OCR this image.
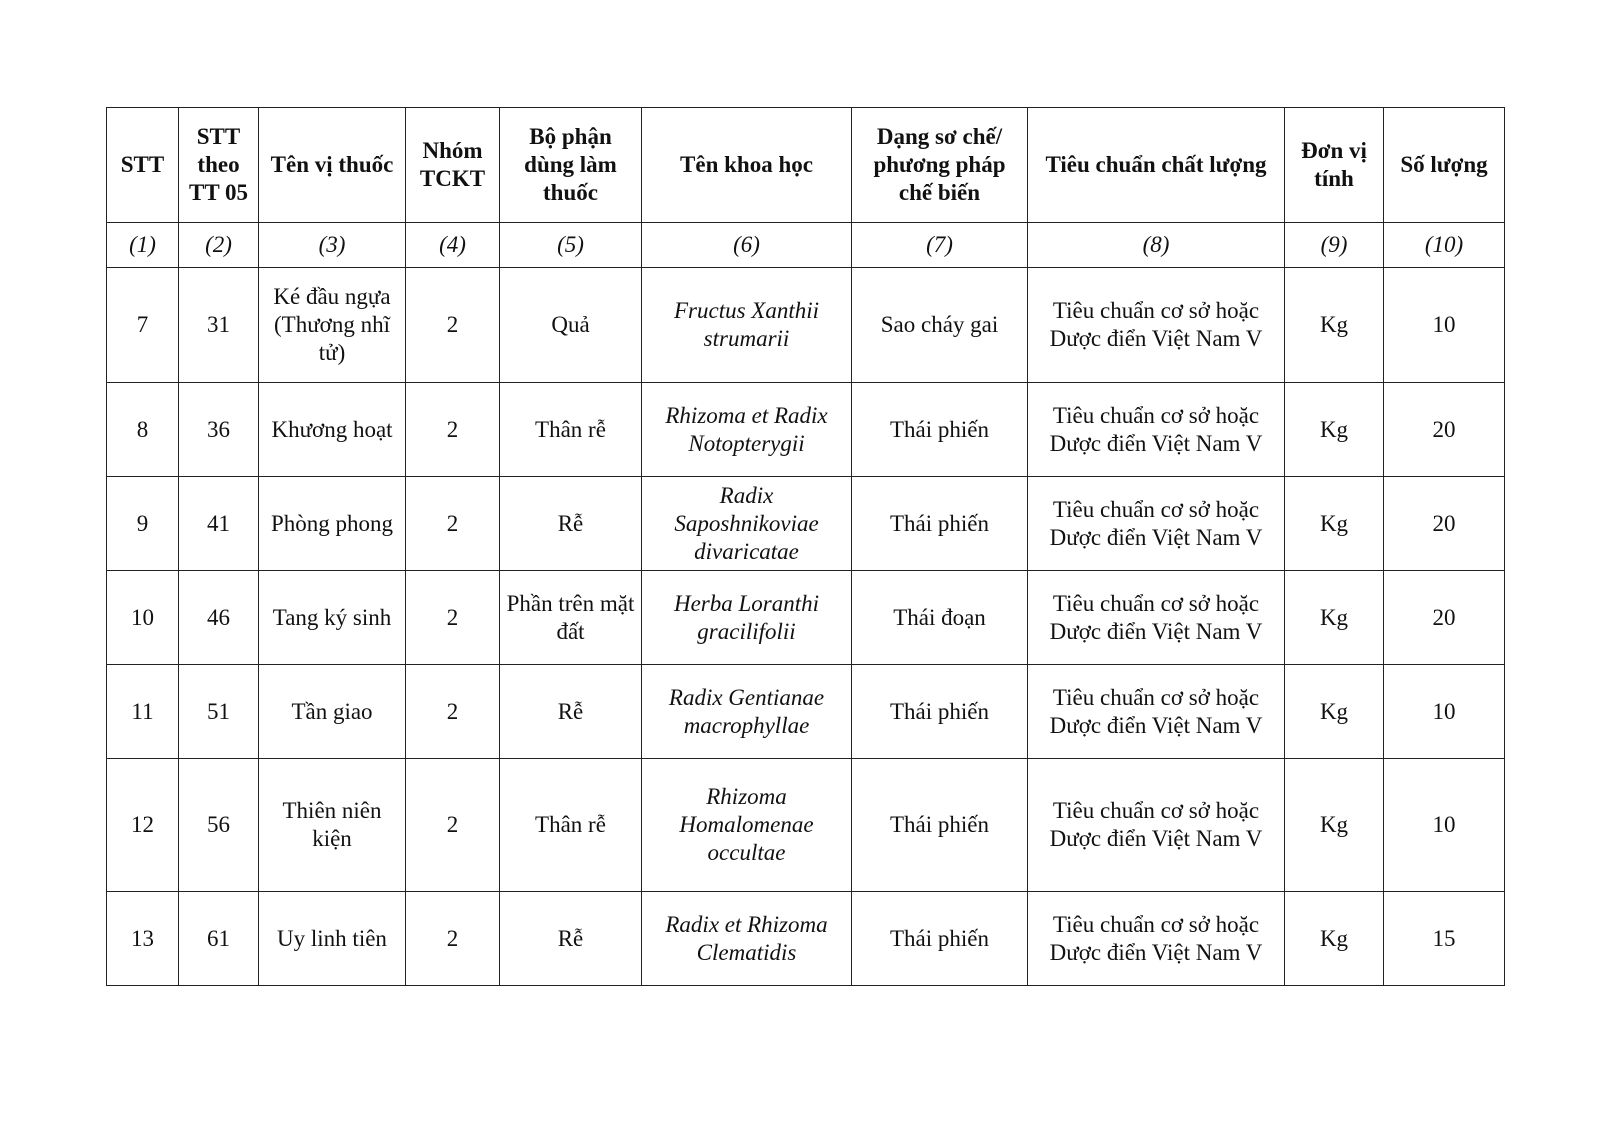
STT	STT theo TT 05	Tên vị thuốc	Nhóm TCKT	Bộ phận dùng làm thuốc	Tên khoa học	Dạng sơ chế/ phương pháp chế biến	Tiêu chuẩn chất lượng	Đơn vị tính	Số lượng
(1)	(2)	(3)	(4)	(5)	(6)	(7)	(8)	(9)	(10)
7	31	Ké đầu ngựa (Thương nhĩ tử)	2	Quả	Fructus Xanthii strumarii	Sao cháy gai	Tiêu chuẩn cơ sở hoặc Dược điển Việt Nam V	Kg	10
8	36	Khương hoạt	2	Thân rễ	Rhizoma et Radix Notopterygii	Thái phiến	Tiêu chuẩn cơ sở hoặc Dược điển Việt Nam V	Kg	20
9	41	Phòng phong	2	Rễ	Radix Saposhnikoviae divaricatae	Thái phiến	Tiêu chuẩn cơ sở hoặc Dược điển Việt Nam V	Kg	20
10	46	Tang ký sinh	2	Phần trên mặt đất	Herba Loranthi gracilifolii	Thái đoạn	Tiêu chuẩn cơ sở hoặc Dược điển Việt Nam V	Kg	20
11	51	Tần giao	2	Rễ	Radix Gentianae macrophyllae	Thái phiến	Tiêu chuẩn cơ sở hoặc Dược điển Việt Nam V	Kg	10
12	56	Thiên niên kiện	2	Thân rễ	Rhizoma Homalomenae occultae	Thái phiến	Tiêu chuẩn cơ sở hoặc Dược điển Việt Nam V	Kg	10
13	61	Uy linh tiên	2	Rễ	Radix et Rhizoma Clematidis	Thái phiến	Tiêu chuẩn cơ sở hoặc Dược điển Việt Nam V	Kg	15
